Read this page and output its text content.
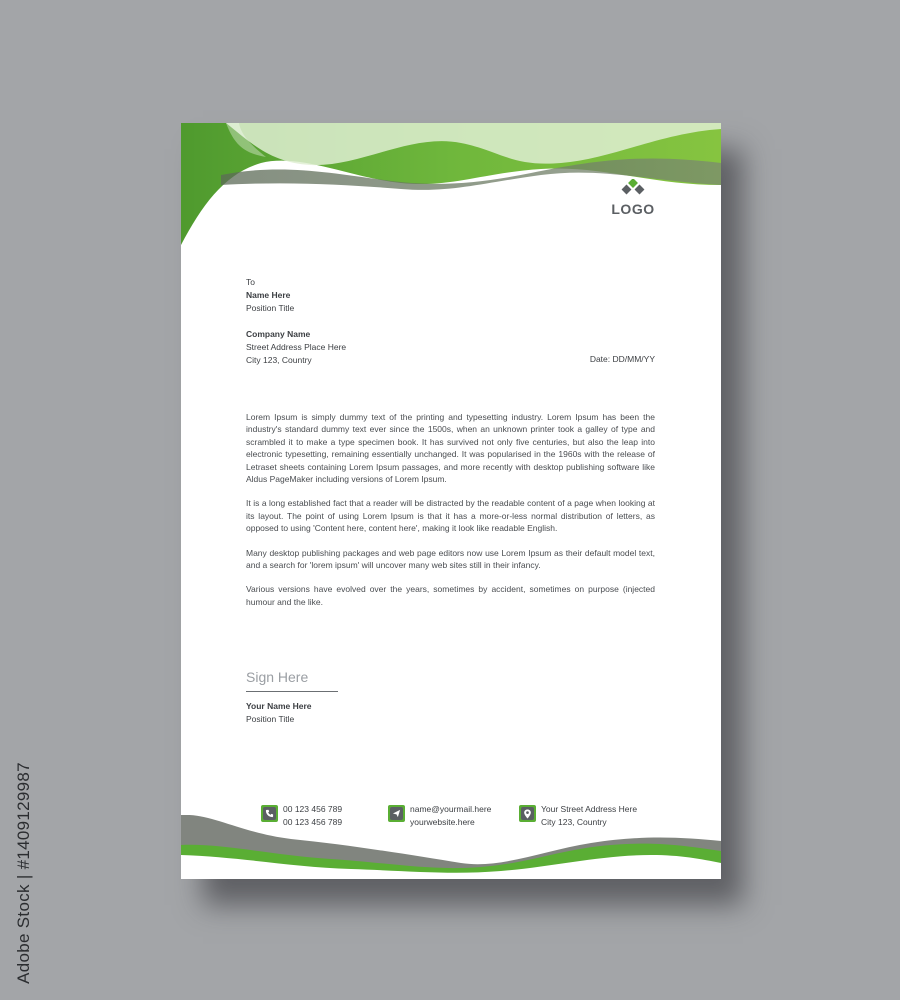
LOGO
To
Name Here
Position Title
Company Name
Street Address Place Here
City 123, Country	Date: DD/MM/YY

Lorem Ipsum is simply dummy text of the printing and typesetting industry. Lorem Ipsum has been the industry's standard dummy text ever since the 1500s, when an unknown printer took a galley of type and scrambled it to make a type specimen book. It has survived not only five centuries, but also the leap into electronic typesetting, remaining essentially unchanged. It was popularised in the 1960s with the release of Letraset sheets containing Lorem Ipsum passages, and more recently with desktop publishing software like Aldus PageMaker including versions of Lorem Ipsum.

It is a long established fact that a reader will be distracted by the readable content of a page when looking at its layout. The point of using Lorem Ipsum is that it has a more-or-less normal distribution of letters, as opposed to using 'Content here, content here', making it look like readable English.

Many desktop publishing packages and web page editors now use Lorem Ipsum as their default model text, and a search for 'lorem ipsum' will uncover many web sites still in their infancy.

Various versions have evolved over the years, sometimes by accident, sometimes on purpose (injected humour and the like.

Sign Here
Your Name Here
Position Title
00 123 456 789
00 123 456 789
name@yourmail.here
yourwebsite.here
Your Street Address Here
City 123, Country
Adobe Stock | #1409129987
